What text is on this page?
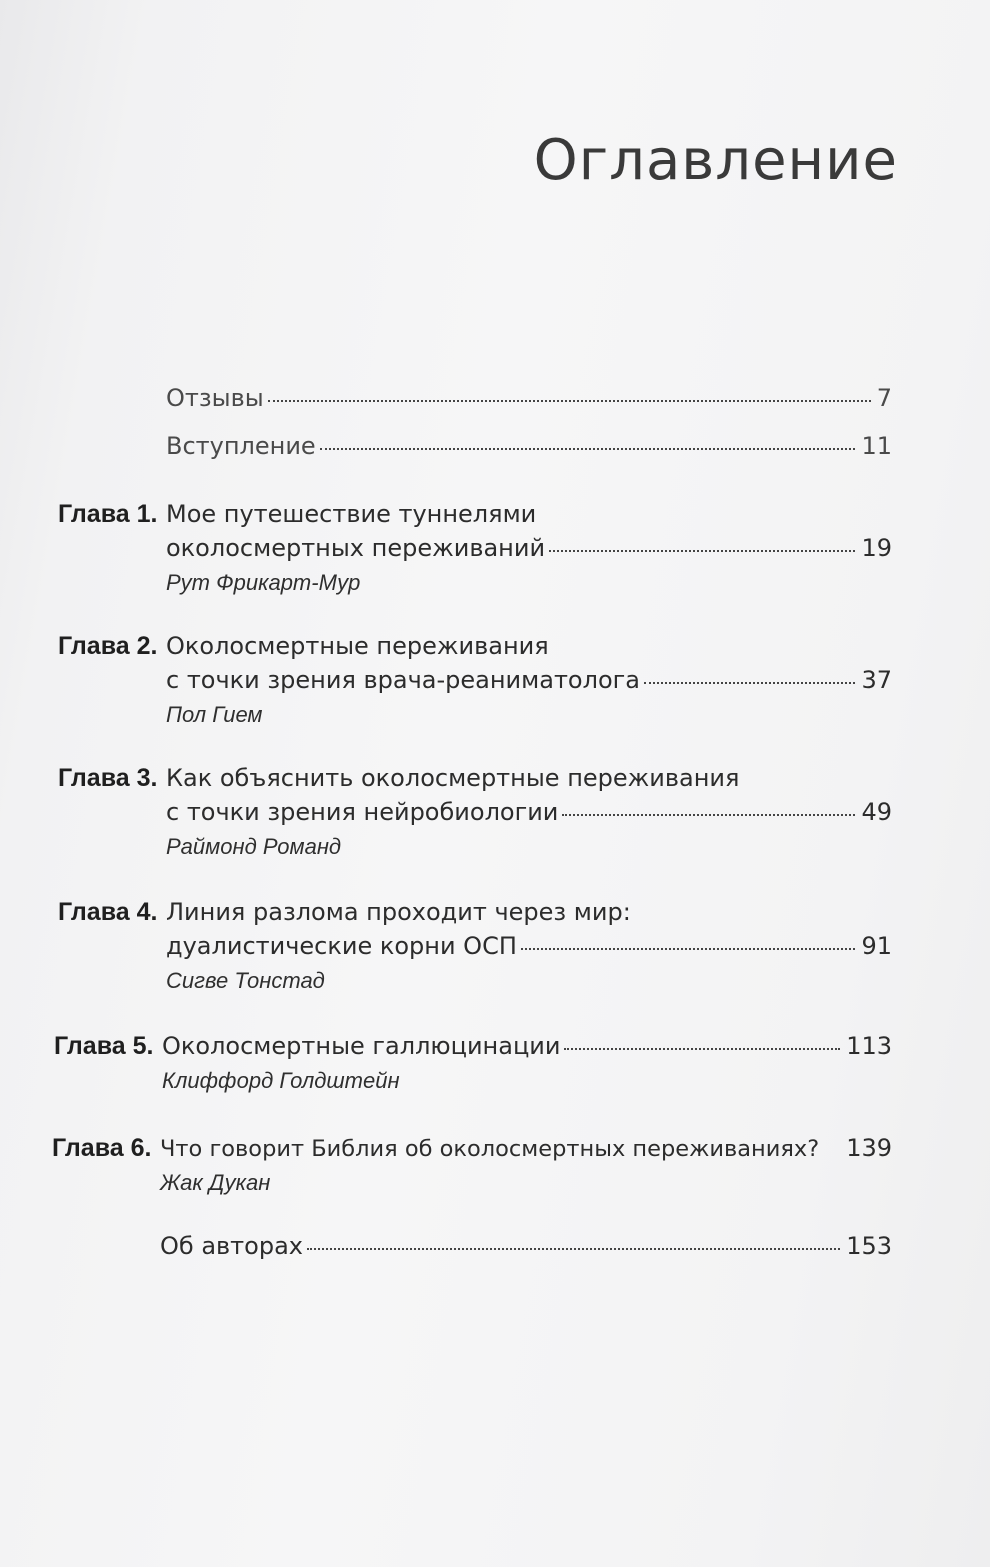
Оглавление
Отзывы	7
Вступление	11
Глава 1. Мое путешествие туннелями
околосмертных переживаний	19
Рут Фрикарт-Мур
Глава 2. Околосмертные переживания
с точки зрения врача-реаниматолога	37
Пол Гием
Глава 3. Как объяснить околосмертные переживания
с точки зрения нейробиологии	49
Раймонд Романд
Глава 4. Линия разлома проходит через мир:
дуалистические корни ОСП	91
Сигве Тонстад
Глава 5. Околосмертные галлюцинации	113
Клиффорд Голдштейн
Глава 6. Что говорит Библия об околосмертных переживаниях? 139
Жак Дукан
Об авторах	153
